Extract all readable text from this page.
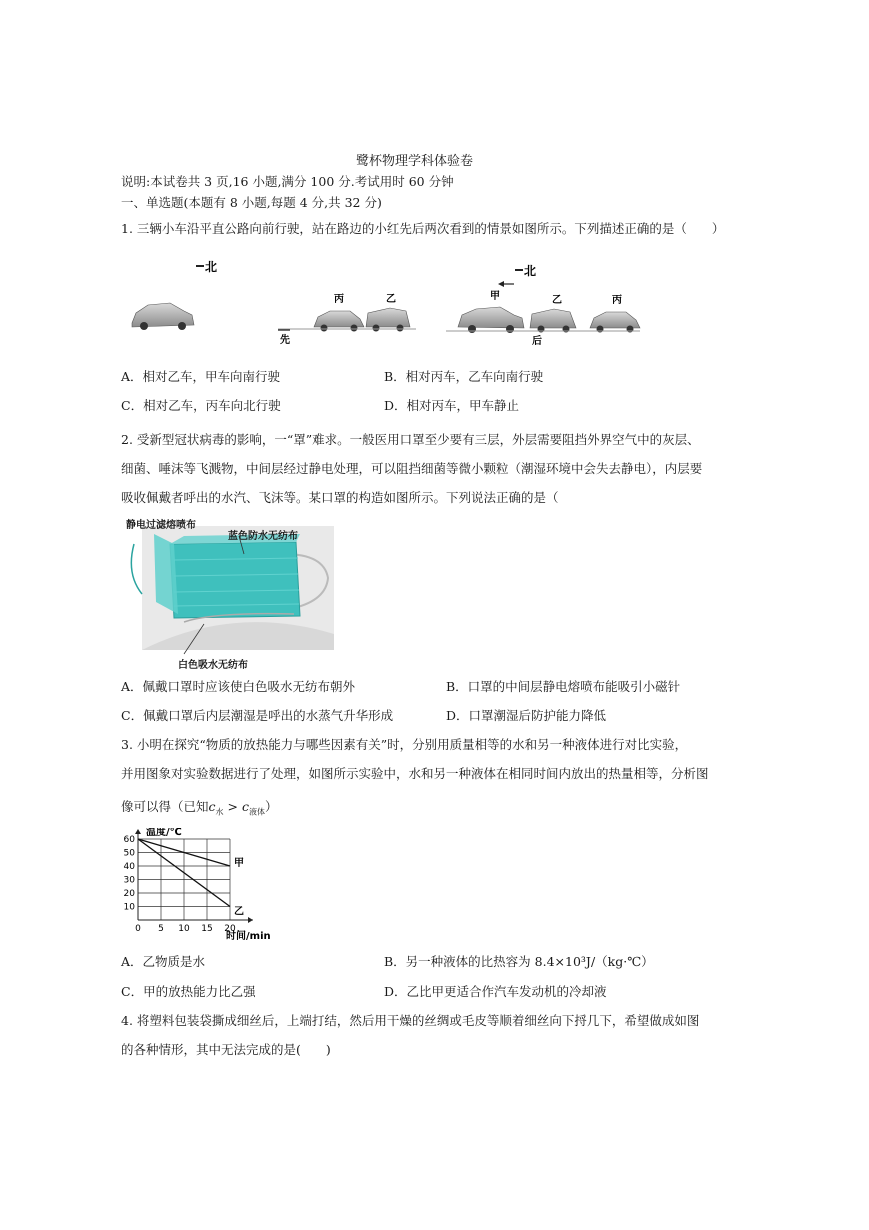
鹭杯物理学科体验卷
说明:本试卷共 3 页,16 小题,满分 100 分.考试用时 60 分钟
一、单选题(本题有 8 小题,每题 4 分,共 32 分)
1. 三辆小车沿平直公路向前行驶，站在路边的小红先后两次看到的情景如图所示。下列描述正确的是（　　）
北	北
丙	乙
先
甲	乙	丙
后
A．相对乙车，甲车向南行驶	B．相对丙车，乙车向南行驶
C．相对乙车，丙车向北行驶	D．相对丙车，甲车静止
2. 受新型冠状病毒的影响，一“罩”难求。一般医用口罩至少要有三层，外层需要阻挡外界空气中的灰层、
细菌、唾沫等飞溅物，中间层经过静电处理，可以阻挡细菌等微小颗粒（潮湿环境中会失去静电），内层要
吸收佩戴者呼出的水汽、飞沫等。某口罩的构造如图所示。下列说法正确的是（
静电过滤熔喷布
蓝色防水无纺布
白色吸水无纺布
A．佩戴口罩时应该使白色吸水无纺布朝外	B．口罩的中间层静电熔喷布能吸引小磁针
C．佩戴口罩后内层潮湿是呼出的水蒸气升华形成	D．口罩潮湿后防护能力降低
3. 小明在探究“物质的放热能力与哪些因素有关”时，分别用质量相等的水和另一种液体进行对比实验，
并用图象对实验数据进行了处理，如图所示实验中，水和另一种液体在相同时间内放出的热量相等，分析图
像可以得（已知$c_水 > c_{液体}$）
10
20
30
40
50
60
0 5 10 15 20
温度/℃
时间/min
甲
乙
A．乙物质是水	B．另一种液体的比热容为 8.4×10³J/（kg·℃）
C．甲的放热能力比乙强	D．乙比甲更适合作汽车发动机的冷却液
4. 将塑料包装袋撕成细丝后，上端打结，然后用干燥的丝绸或毛皮等顺着细丝向下捋几下，希望做成如图
的各种情形，其中无法完成的是(　　)
